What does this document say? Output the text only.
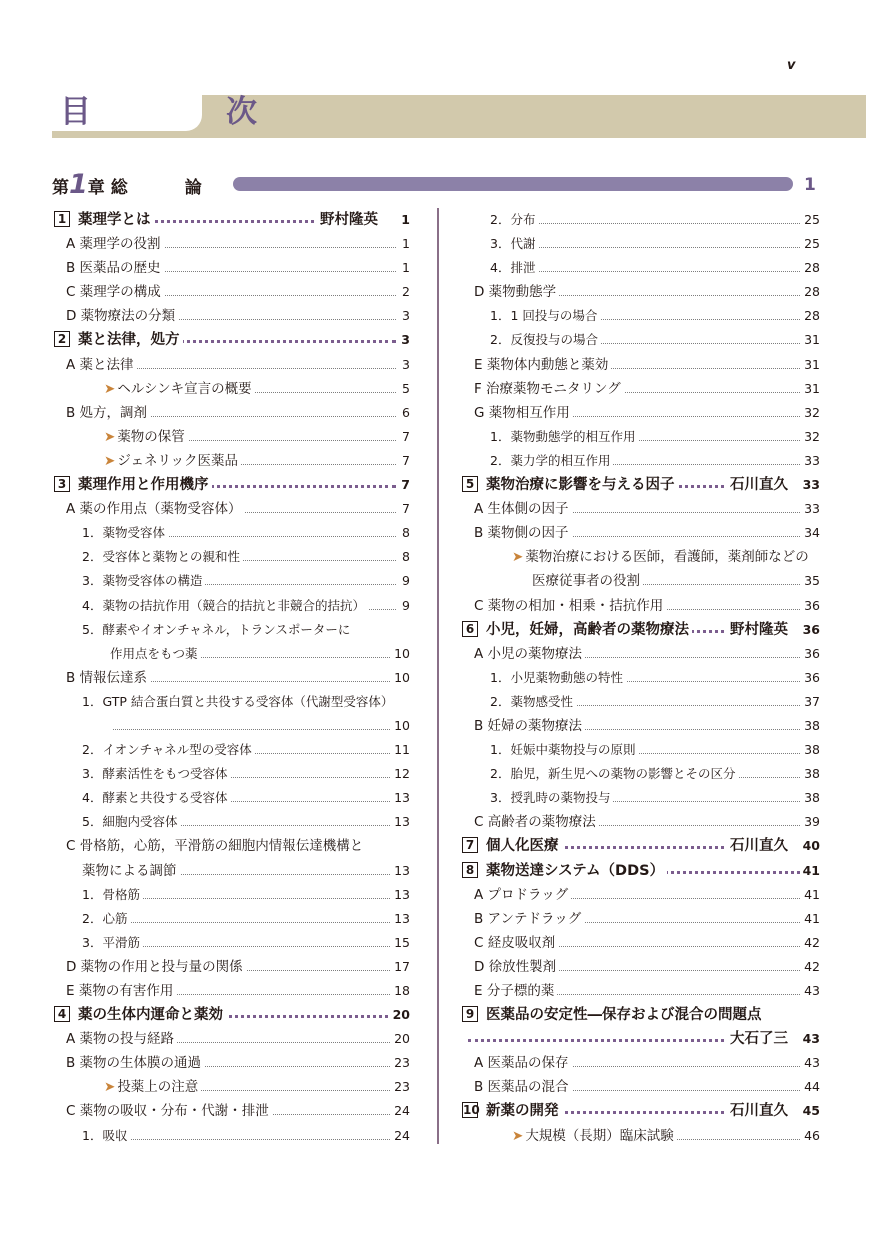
v
目　次
第1章 総　論	1
1 薬理学とは	野村隆英	1
A 薬理学の役割	1
B 医薬品の歴史	1
C 薬理学の構成	2
D 薬物療法の分類	3
2 薬と法律，処方	3
A 薬と法律	3
➤ ヘルシンキ宣言の概要	5
B 処方，調剤	6
➤ 薬物の保管	7
➤ ジェネリック医薬品	7
3 薬理作用と作用機序	7
A 薬の作用点（薬物受容体）	7
1．薬物受容体	8
2．受容体と薬物との親和性	8
3．薬物受容体の構造	9
4．薬物の拮抗作用（競合的拮抗と非競合的拮抗）	9
5．酵素やイオンチャネル，トランスポーターに
作用点をもつ薬	10
B 情報伝達系	10
1．GTP 結合蛋白質と共役する受容体（代謝型受容体）
10
2．イオンチャネル型の受容体	11
3．酵素活性をもつ受容体	12
4．酵素と共役する受容体	13
5．細胞内受容体	13
C 骨格筋，心筋，平滑筋の細胞内情報伝達機構と
薬物による調節	13
1．骨格筋	13
2．心筋	13
3．平滑筋	15
D 薬物の作用と投与量の関係	17
E 薬物の有害作用	18
4 薬の生体内運命と薬効	20
A 薬物の投与経路	20
B 薬物の生体膜の通過	23
➤ 投薬上の注意	23
C 薬物の吸収・分布・代謝・排泄	24
1．吸収	24
2．分布	25
3．代謝	25
4．排泄	28
D 薬物動態学	28
1．1 回投与の場合	28
2．反復投与の場合	31
E 薬物体内動態と薬効	31
F 治療薬物モニタリング	31
G 薬物相互作用	32
1．薬物動態学的相互作用	32
2．薬力学的相互作用	33
5 薬物治療に影響を与える因子	石川直久	33
A 生体側の因子	33
B 薬物側の因子	34
➤ 薬物治療における医師，看護師，薬剤師などの
医療従事者の役割	35
C 薬物の相加・相乗・拮抗作用	36
6 小児，妊婦，高齢者の薬物療法	野村隆英	36
A 小児の薬物療法	36
1．小児薬物動態の特性	36
2．薬物感受性	37
B 妊婦の薬物療法	38
1．妊娠中薬物投与の原則	38
2．胎児，新生児への薬物の影響とその区分	38
3．授乳時の薬物投与	38
C 高齢者の薬物療法	39
7 個人化医療	石川直久	40
8 薬物送達システム（DDS）	41
A プロドラッグ	41
B アンテドラッグ	41
C 経皮吸収剤	42
D 徐放性製剤	42
E 分子標的薬	43
9 医薬品の安定性―保存および混合の問題点
大石了三	43
A 医薬品の保存	43
B 医薬品の混合	44
10 新薬の開発	石川直久	45
➤ 大規模（長期）臨床試験	46
